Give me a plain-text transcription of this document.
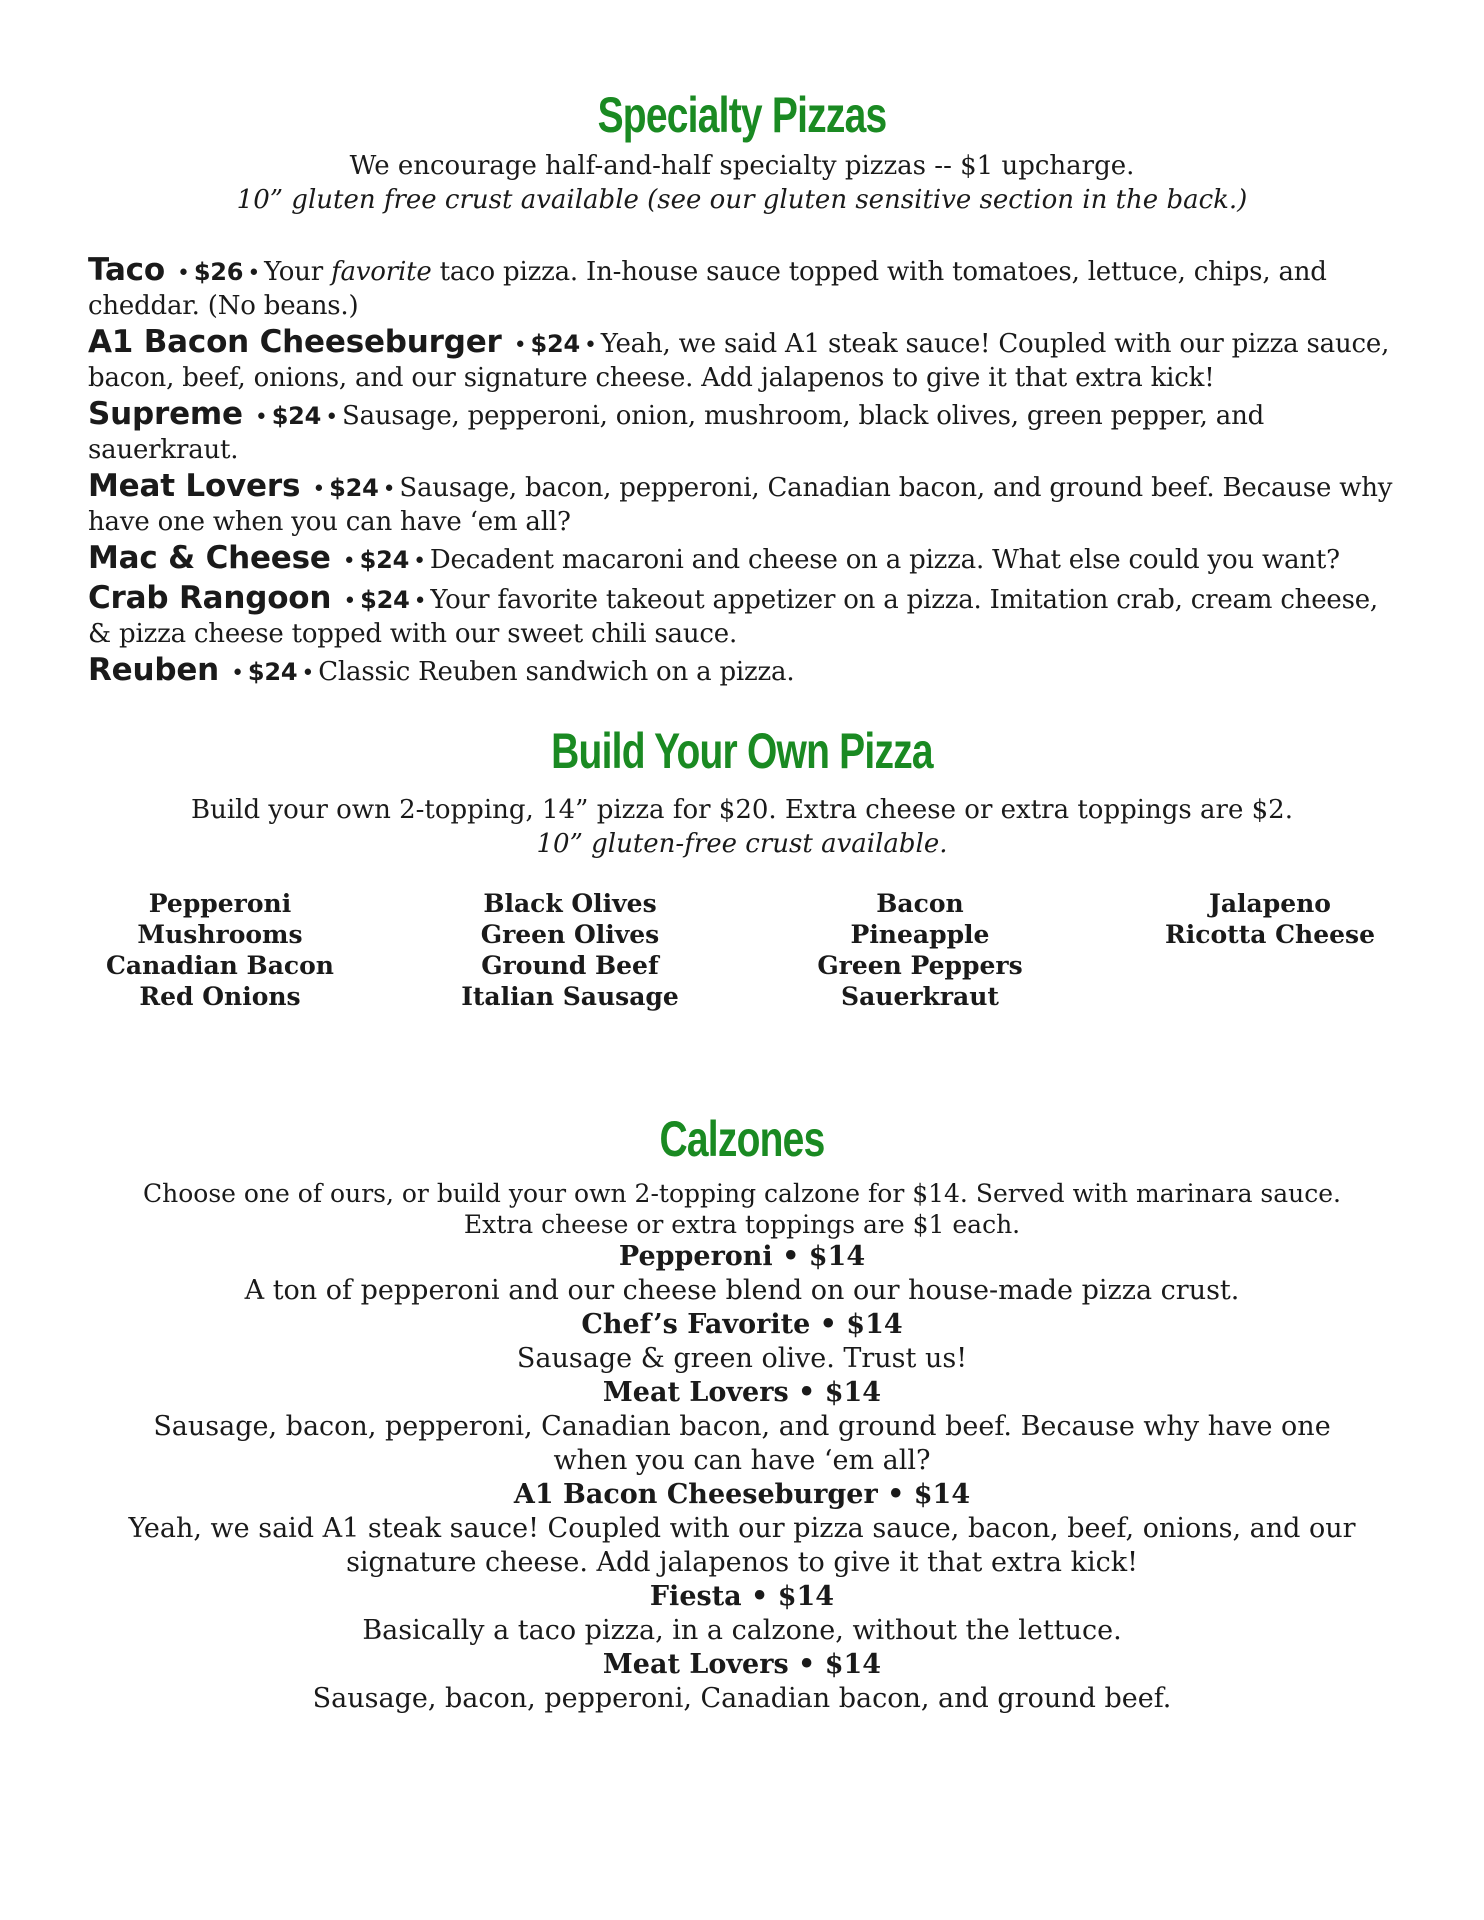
Specialty Pizzas

We encourage half-and-half specialty pizzas -- $1 upcharge.

10” gluten free crust available (see our gluten sensitive section in the back.)

Taco • $26 • Your favorite taco pizza. In-house sauce topped with tomatoes, lettuce, chips, and cheddar. (No beans.)

A1 Bacon Cheeseburger • $24 • Yeah, we said A1 steak sauce! Coupled with our pizza sauce, bacon, beef, onions, and our signature cheese. Add jalapenos to give it that extra kick!

Supreme • $24 • Sausage, pepperoni, onion, mushroom, black olives, green pepper, and sauerkraut.

Meat Lovers • $24 • Sausage, bacon, pepperoni, Canadian bacon, and ground beef. Because why have one when you can have ‘em all?

Mac & Cheese • $24 • Decadent macaroni and cheese on a pizza. What else could you want?

Crab Rangoon • $24 • Your favorite takeout appetizer on a pizza. Imitation crab, cream cheese, & pizza cheese topped with our sweet chili sauce.

Reuben • $24 • Classic Reuben sandwich on a pizza.

Build Your Own Pizza

Build your own 2-topping, 14” pizza for $20. Extra cheese or extra toppings are $2.

10” gluten-free crust available.

Pepperoni
Mushrooms
Canadian Bacon
Red Onions
Black Olives
Green Olives
Ground Beef
Italian Sausage
Bacon
Pineapple
Green Peppers
Sauerkraut
Jalapeno
Ricotta Cheese
Calzones

Choose one of ours, or build your own 2-topping calzone for $14. Served with marinara sauce.

Extra cheese or extra toppings are $1 each.

Pepperoni • $14

A ton of pepperoni and our cheese blend on our house-made pizza crust.

Chef’s Favorite • $14

Sausage & green olive. Trust us!

Meat Lovers • $14

Sausage, bacon, pepperoni, Canadian bacon, and ground beef. Because why have one when you can have ‘em all?

A1 Bacon Cheeseburger • $14

Yeah, we said A1 steak sauce! Coupled with our pizza sauce, bacon, beef, onions, and our signature cheese. Add jalapenos to give it that extra kick!

Fiesta • $14

Basically a taco pizza, in a calzone, without the lettuce.

Meat Lovers • $14

Sausage, bacon, pepperoni, Canadian bacon, and ground beef.
